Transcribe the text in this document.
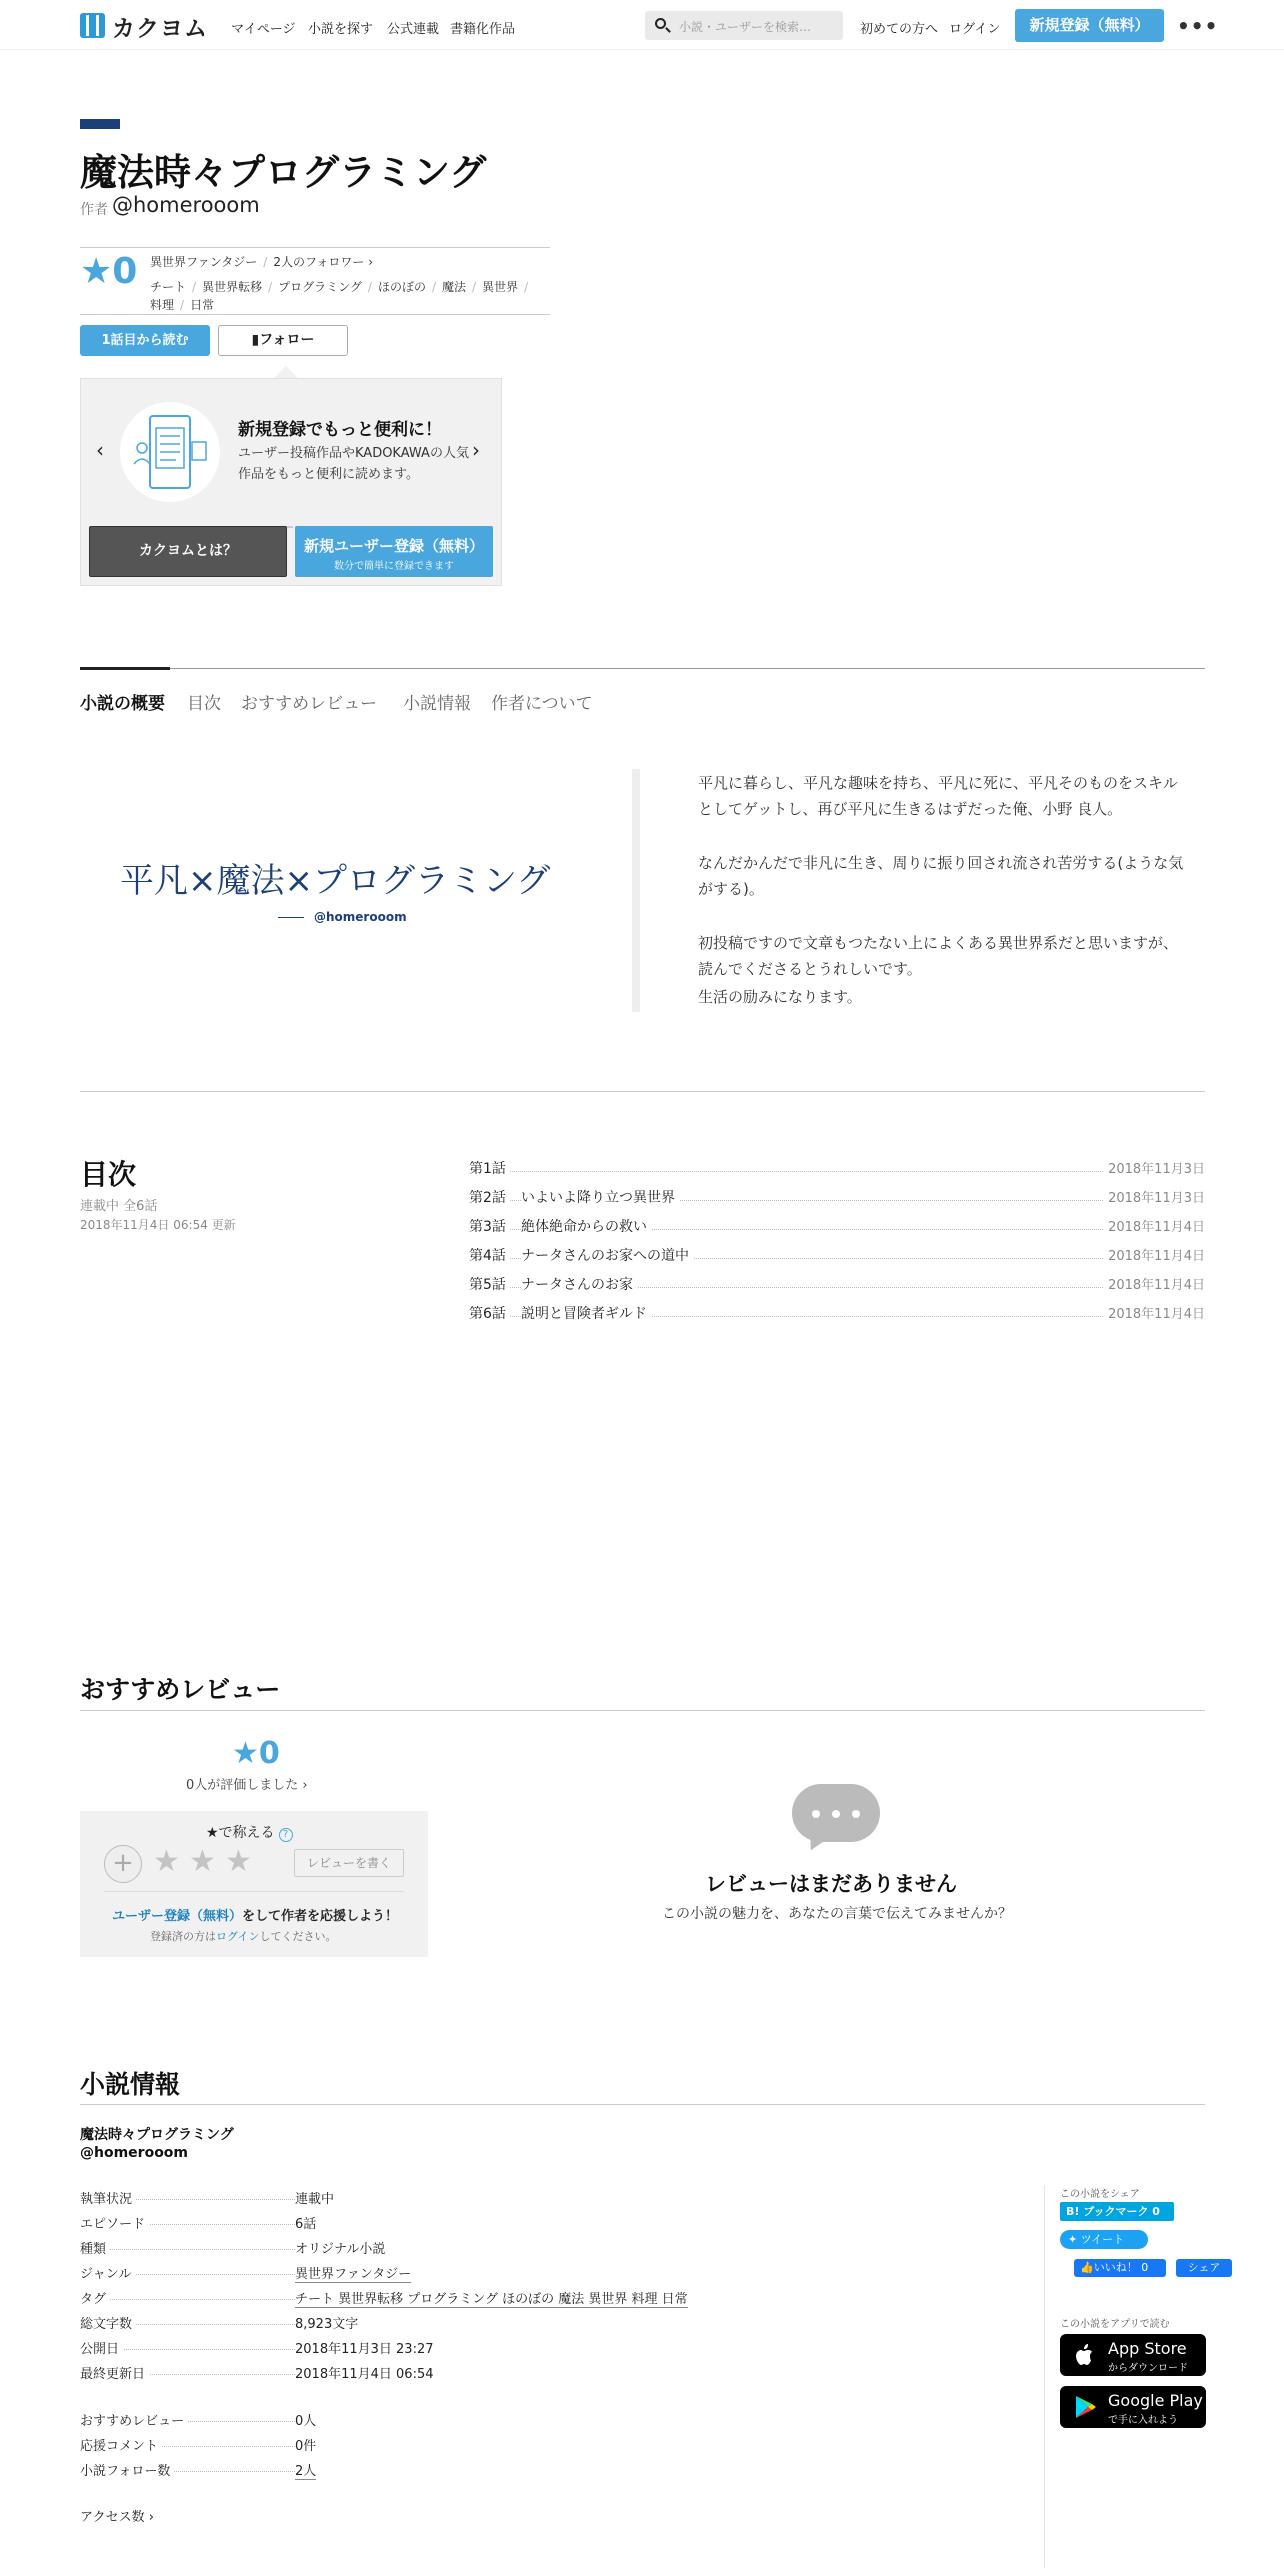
カクヨム マイページ 小説を探す 公式連載 書籍化作品	小説・ユーザーを検索…	初めての方へ ログイン	新規登録（無料）	•••
魔法時々プログラミング
作者 @homerooom
★0 異世界ファンタジー / 2人のフォロワー ›
チート / 異世界転移 / プログラミング / ほのぼの / 魔法 / 異世界 /
料理 / 日常
1話目から読む	▮フォロー
‹	›
新規登録でもっと便利に！
ユーザー投稿作品やKADOKAWAの人気作品をもっと便利に読めます。
カクヨムとは？	新規ユーザー登録（無料）
数分で簡単に登録できます
小説の概要 目次 おすすめレビュー 小説情報 作者について
平凡×魔法×プログラミング
@homerooom
平凡に暮らし、平凡な趣味を持ち、平凡に死に、平凡そのものをスキルとしてゲットし、再び平凡に生きるはずだった俺、小野 良人。
なんだかんだで非凡に生き、周りに振り回され流され苦労する(ような気がする)。
初投稿ですので文章もつたない上によくある異世界系だと思いますが、読んでくださるとうれしいです。
生活の励みになります。
目次
連載中 全6話
2018年11月4日 06:54 更新
第1話	2018年11月3日
第2話 いよいよ降り立つ異世界	2018年11月3日
第3話 絶体絶命からの救い	2018年11月4日
第4話 ナータさんのお家への道中	2018年11月4日
第5話 ナータさんのお家	2018年11月4日
第6話 説明と冒険者ギルド	2018年11月4日
おすすめレビュー
★0
0人が評価しました ›
★で称える ?
+ ★ ★ ★	レビューを書く
ユーザー登録（無料）をして作者を応援しよう！
登録済の方はログインしてください。
レビューはまだありません
この小説の魅力を、あなたの言葉で伝えてみませんか？
小説情報
魔法時々プログラミング
@homerooom
執筆状況	連載中
エピソード	6話
種類	オリジナル小説
ジャンル	異世界ファンタジー
タグ	チート 異世界転移 プログラミング ほのぼの 魔法 異世界 料理 日常
総文字数	8,923文字
公開日	2018年11月3日 23:27
最終更新日	2018年11月4日 06:54
おすすめレビュー	0人
応援コメント	0件
小説フォロー数	2人
アクセス数 ›
この小説をシェア
B! ブックマーク 0
✦ ツイート
👍いいね！ 0	シェア
この小説をアプリで読む
App Store
からダウンロード
Google Play
で手に入れよう
